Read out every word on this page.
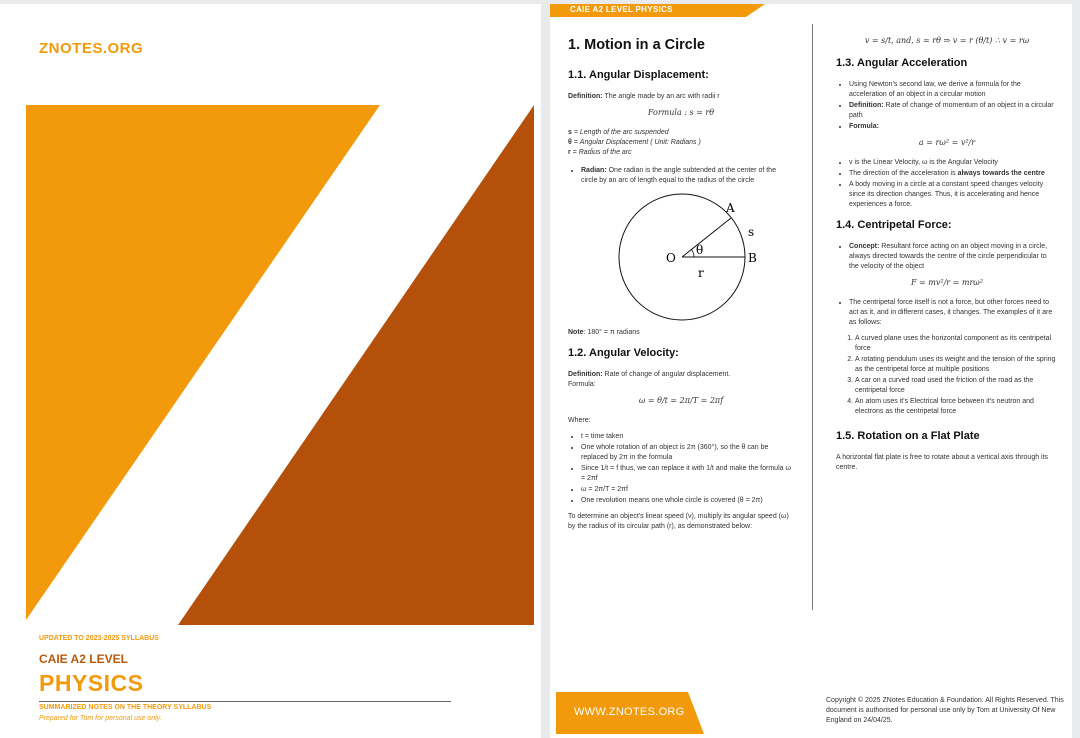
ZNOTES.ORG
UPDATED TO 2023-2025 SYLLABUS
CAIE A2 LEVEL
PHYSICS
SUMMARIZED NOTES ON THE THEORY SYLLABUS
Prepared for Tom for personal use only.
CAIE A2 LEVEL PHYSICS
1. Motion in a Circle
1.1. Angular Displacement:

Definition: The angle made by an arc with radii r

Formula : s = rθ

s = Length of the arc suspended

θ = Angular Displacement ( Unit: Radians )

r = Radius of the arc

• Radian: One radian is the angle subtended at the center of the circle by an arc of length equal to the radius of the circle
O
θ
A
B
s
r

Note: 180° = π radians

1.2. Angular Velocity:

Definition: Rate of change of angular displacement.

Formula:

ω = θ/t = 2π/T = 2πf

Where:

• t = time taken
• One whole rotation of an object is 2π (360°), so the θ can be replaced by 2π in the formula
• Since 1/t = f thus, we can replace it with 1/t and make the formula ω = 2πf
• ω = 2π/T = 2πf
• One revolution means one whole circle is covered (θ = 2π)

To determine an object's linear speed (v), multiply its angular speed (ω) by the radius of its circular path (r), as demonstrated below:

v = s/t, and, s = rθ ⇒ v = r (θ/t) ∴ v = rω
1.3. Angular Acceleration
• Using Newton's second law, we derive a formula for the acceleration of an object in a circular motion
• Definition: Rate of change of momentum of an object in a circular path
• Formula:
a = rω² = v²/r
• v is the Linear Velocity, ω is the Angular Velocity
• The direction of the acceleration is always towards the centre
• A body moving in a circle at a constant speed changes velocity since its direction changes. Thus, it is accelerating and hence experiences a force.
1.4. Centripetal Force:
• Concept: Resultant force acting on an object moving in a circle, always directed towards the centre of the circle perpendicular to the velocity of the object
F = mv²/r = mrω²
• The centripetal force itself is not a force, but other forces need to act as it, and in different cases, it changes. The examples of it are as follows:
1. A curved plane uses the horizontal component as its centripetal force
2. A rotating pendulum uses its weight and the tension of the spring as the centripetal force at multiple positions
3. A car on a curved road used the friction of the road as the centripetal force
4. An atom uses it's Electrical force between it's neutron and electrons as the centripetal force
1.5. Rotation on a Flat Plate

A horizontal flat plate is free to rotate about a vertical axis through its centre.

WWW.ZNOTES.ORG
Copyright © 2025 ZNotes Education & Foundation. All Rights Reserved. This document is authorised for personal use only by Tom at University Of New England on 24/04/25.
